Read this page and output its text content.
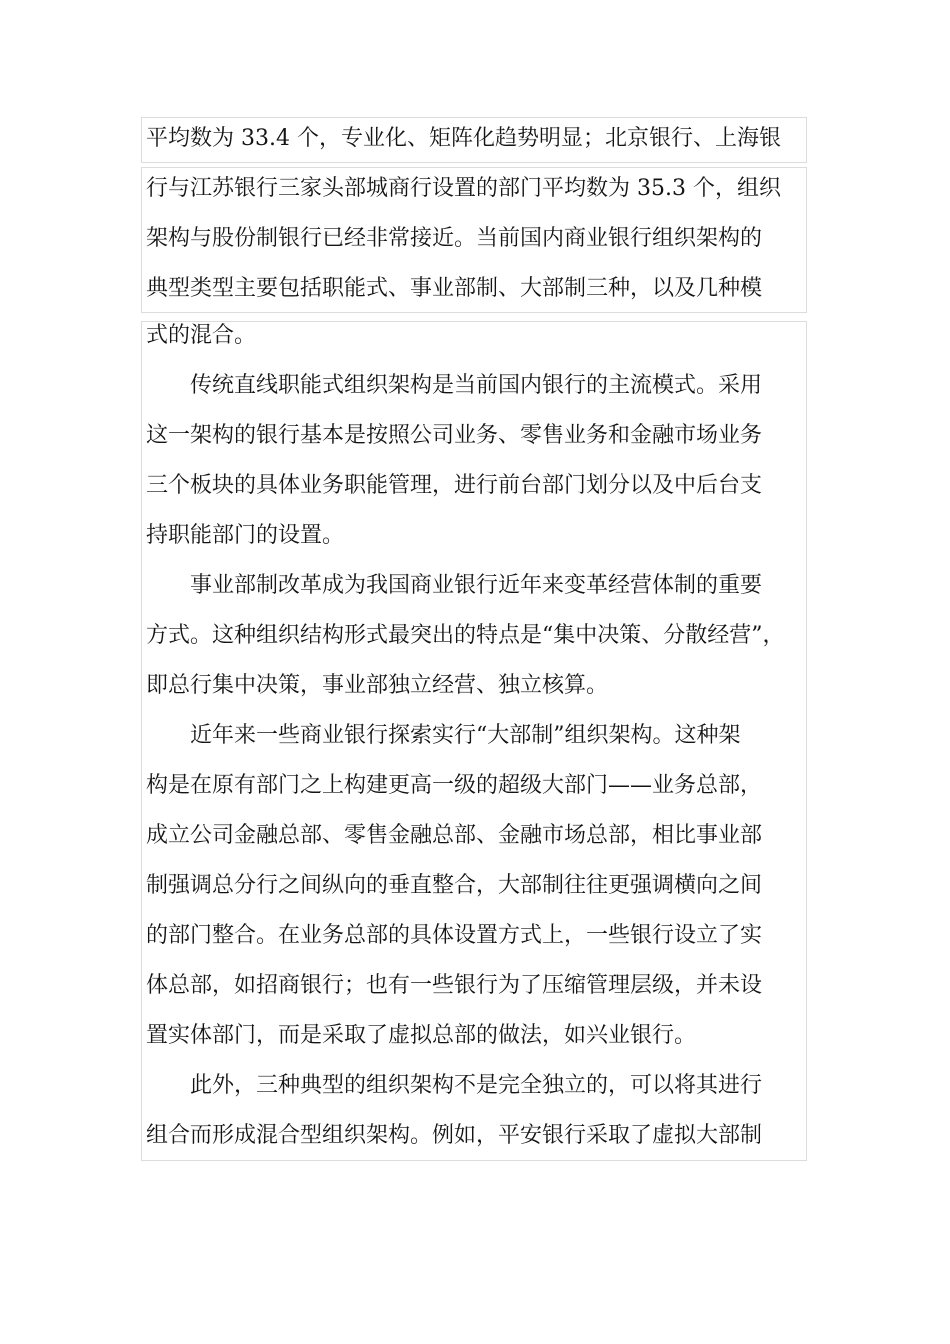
平均数为 33.4 个，专业化、矩阵化趋势明显；北京银行、上海银
行与江苏银行三家头部城商行设置的部门平均数为 35.3 个，组织
架构与股份制银行已经非常接近。当前国内商业银行组织架构的
典型类型主要包括职能式、事业部制、大部制三种，以及几种模
式的混合。
传统直线职能式组织架构是当前国内银行的主流模式。采用
这一架构的银行基本是按照公司业务、零售业务和金融市场业务
三个板块的具体业务职能管理，进行前台部门划分以及中后台支
持职能部门的设置。
事业部制改革成为我国商业银行近年来变革经营体制的重要
方式。这种组织结构形式最突出的特点是“集中决策、分散经营”，
即总行集中决策，事业部独立经营、独立核算。
近年来一些商业银行探索实行“大部制”组织架构。这种架
构是在原有部门之上构建更高一级的超级大部门——业务总部，
成立公司金融总部、零售金融总部、金融市场总部，相比事业部
制强调总分行之间纵向的垂直整合，大部制往往更强调横向之间
的部门整合。在业务总部的具体设置方式上，一些银行设立了实
体总部，如招商银行；也有一些银行为了压缩管理层级，并未设
置实体部门，而是采取了虚拟总部的做法，如兴业银行。
此外，三种典型的组织架构不是完全独立的，可以将其进行
组合而形成混合型组织架构。例如，平安银行采取了虚拟大部制
